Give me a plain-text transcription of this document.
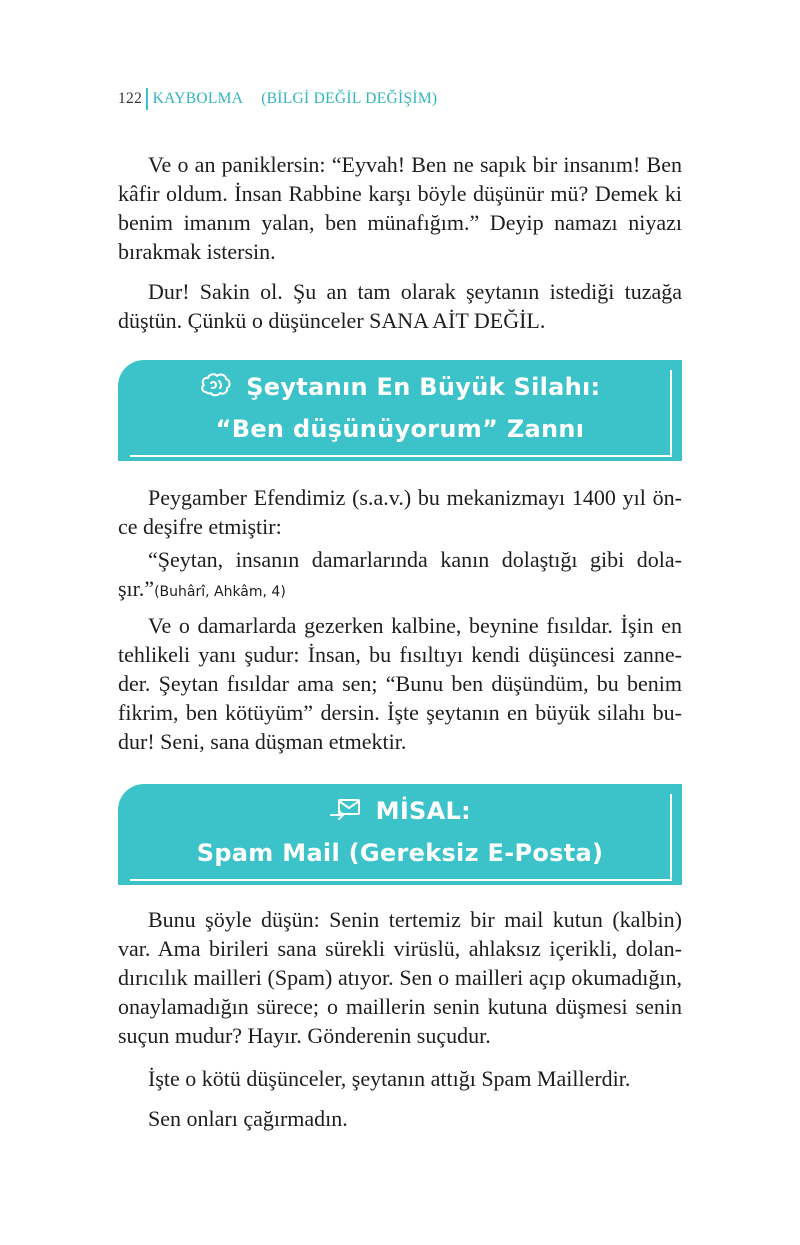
122 KAYBOLMA (BİLGİ DEĞİL DEĞİŞİM)

Ve o an paniklersin: “Eyvah! Ben ne sapık bir insanım! Ben kâfir oldum. İnsan Rabbine karşı böyle düşünür mü? Demek ki benim imanım yalan, ben münafığım.” Deyip namazı niyazı bırakmak istersin.

Dur! Sakin ol. Şu an tam olarak şeytanın istediği tuzağa düştün. Çünkü o düşünceler SANA AİT DEĞİL.

Şeytanın En Büyük Silahı:
“Ben düşünüyorum” Zannı

Peygamber Efendimiz (s.a.v.) bu mekanizmayı 1400 yıl önce deşifre etmiştir:

“Şeytan, insanın damarlarında kanın dolaştığı gibi dolaşır.”(Buhârî, Ahkâm, 4)

Ve o damarlarda gezerken kalbine, beynine fısıldar. İşin en tehlikeli yanı şudur: İnsan, bu fısıltıyı kendi düşüncesi zanneder. Şeytan fısıldar ama sen; “Bunu ben düşündüm, bu benim fikrim, ben kötüyüm” dersin. İşte şeytanın en büyük silahı budur! Seni, sana düşman etmektir.

MİSAL:
Spam Mail (Gereksiz E-Posta)

Bunu şöyle düşün: Senin tertemiz bir mail kutun (kalbin) var. Ama birileri sana sürekli virüslü, ahlaksız içerikli, dolandırıcılık mailleri (Spam) atıyor. Sen o mailleri açıp okumadığın, onaylamadığın sürece; o maillerin senin kutuna düşmesi senin suçun mudur? Hayır. Gönderenin suçudur.

İşte o kötü düşünceler, şeytanın attığı Spam Maillerdir.

Sen onları çağırmadın.
